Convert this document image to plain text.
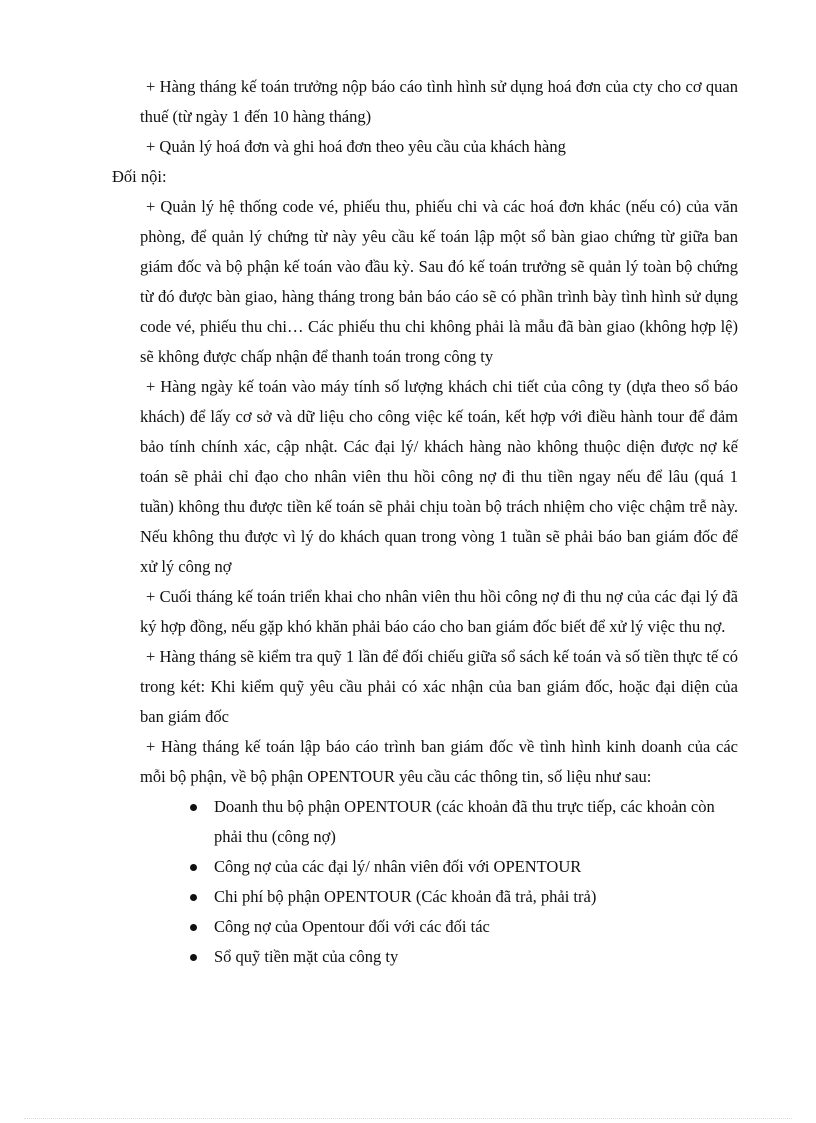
+ Hàng tháng kế toán trưởng nộp báo cáo tình hình sử dụng hoá đơn của cty cho cơ quan thuế (từ ngày 1 đến 10 hàng tháng)

+ Quản lý hoá đơn và ghi hoá đơn theo yêu cầu của khách hàng

Đối nội:

+ Quản lý hệ thống code vé, phiếu thu, phiếu chi và các hoá đơn khác (nếu có) của văn phòng, để quản lý chứng từ này yêu cầu kế toán lập một sổ bàn giao chứng từ giữa ban giám đốc và bộ phận kế toán vào đầu kỳ. Sau đó kế toán trưởng sẽ quản lý toàn bộ chứng từ đó được bàn giao, hàng tháng trong bản báo cáo sẽ có phần trình bày tình hình sử dụng code vé, phiếu thu chi… Các phiếu thu chi không phải là mẫu đã bàn giao (không hợp lệ) sẽ không được chấp nhận để thanh toán trong công ty

+ Hàng ngày kế toán vào máy tính số lượng khách chi tiết của công ty (dựa theo sổ báo khách) để lấy cơ sở và dữ liệu cho công việc kế toán, kết hợp với điều hành tour để đảm bảo tính chính xác, cập nhật. Các đại lý/ khách hàng nào không thuộc diện được nợ kế toán sẽ phải chỉ đạo cho nhân viên thu hồi công nợ đi thu tiền ngay nếu để lâu (quá 1 tuần) không thu được tiền kế toán sẽ phải chịu toàn bộ trách nhiệm cho việc chậm trễ này. Nếu không thu được vì lý do khách quan trong vòng 1 tuần sẽ phải báo ban giám đốc để xử lý công nợ

+ Cuối tháng kế toán triển khai cho nhân viên thu hồi công nợ đi thu nợ của các đại lý đã ký hợp đồng, nếu gặp khó khăn phải báo cáo cho ban giám đốc biết để xử lý việc thu nợ.

+ Hàng tháng sẽ kiểm tra quỹ 1 lần để đối chiếu giữa sổ sách kế toán và số tiền thực tế có trong két: Khi kiểm quỹ yêu cầu phải có xác nhận của ban giám đốc, hoặc đại diện của ban giám đốc

+ Hàng tháng kế toán lập báo cáo trình ban giám đốc về tình hình kinh doanh của các mỗi bộ phận, về bộ phận OPENTOUR yêu cầu các thông tin, số liệu như sau:

Doanh thu bộ phận OPENTOUR (các khoản đã thu trực tiếp, các khoản còn phải thu (công nợ)
Công nợ của các đại lý/ nhân viên đối với OPENTOUR
Chi phí bộ phận OPENTOUR (Các khoản đã trả, phải trả)
Công nợ của Opentour đối với các đối tác
Sổ quỹ tiền mặt của công ty
